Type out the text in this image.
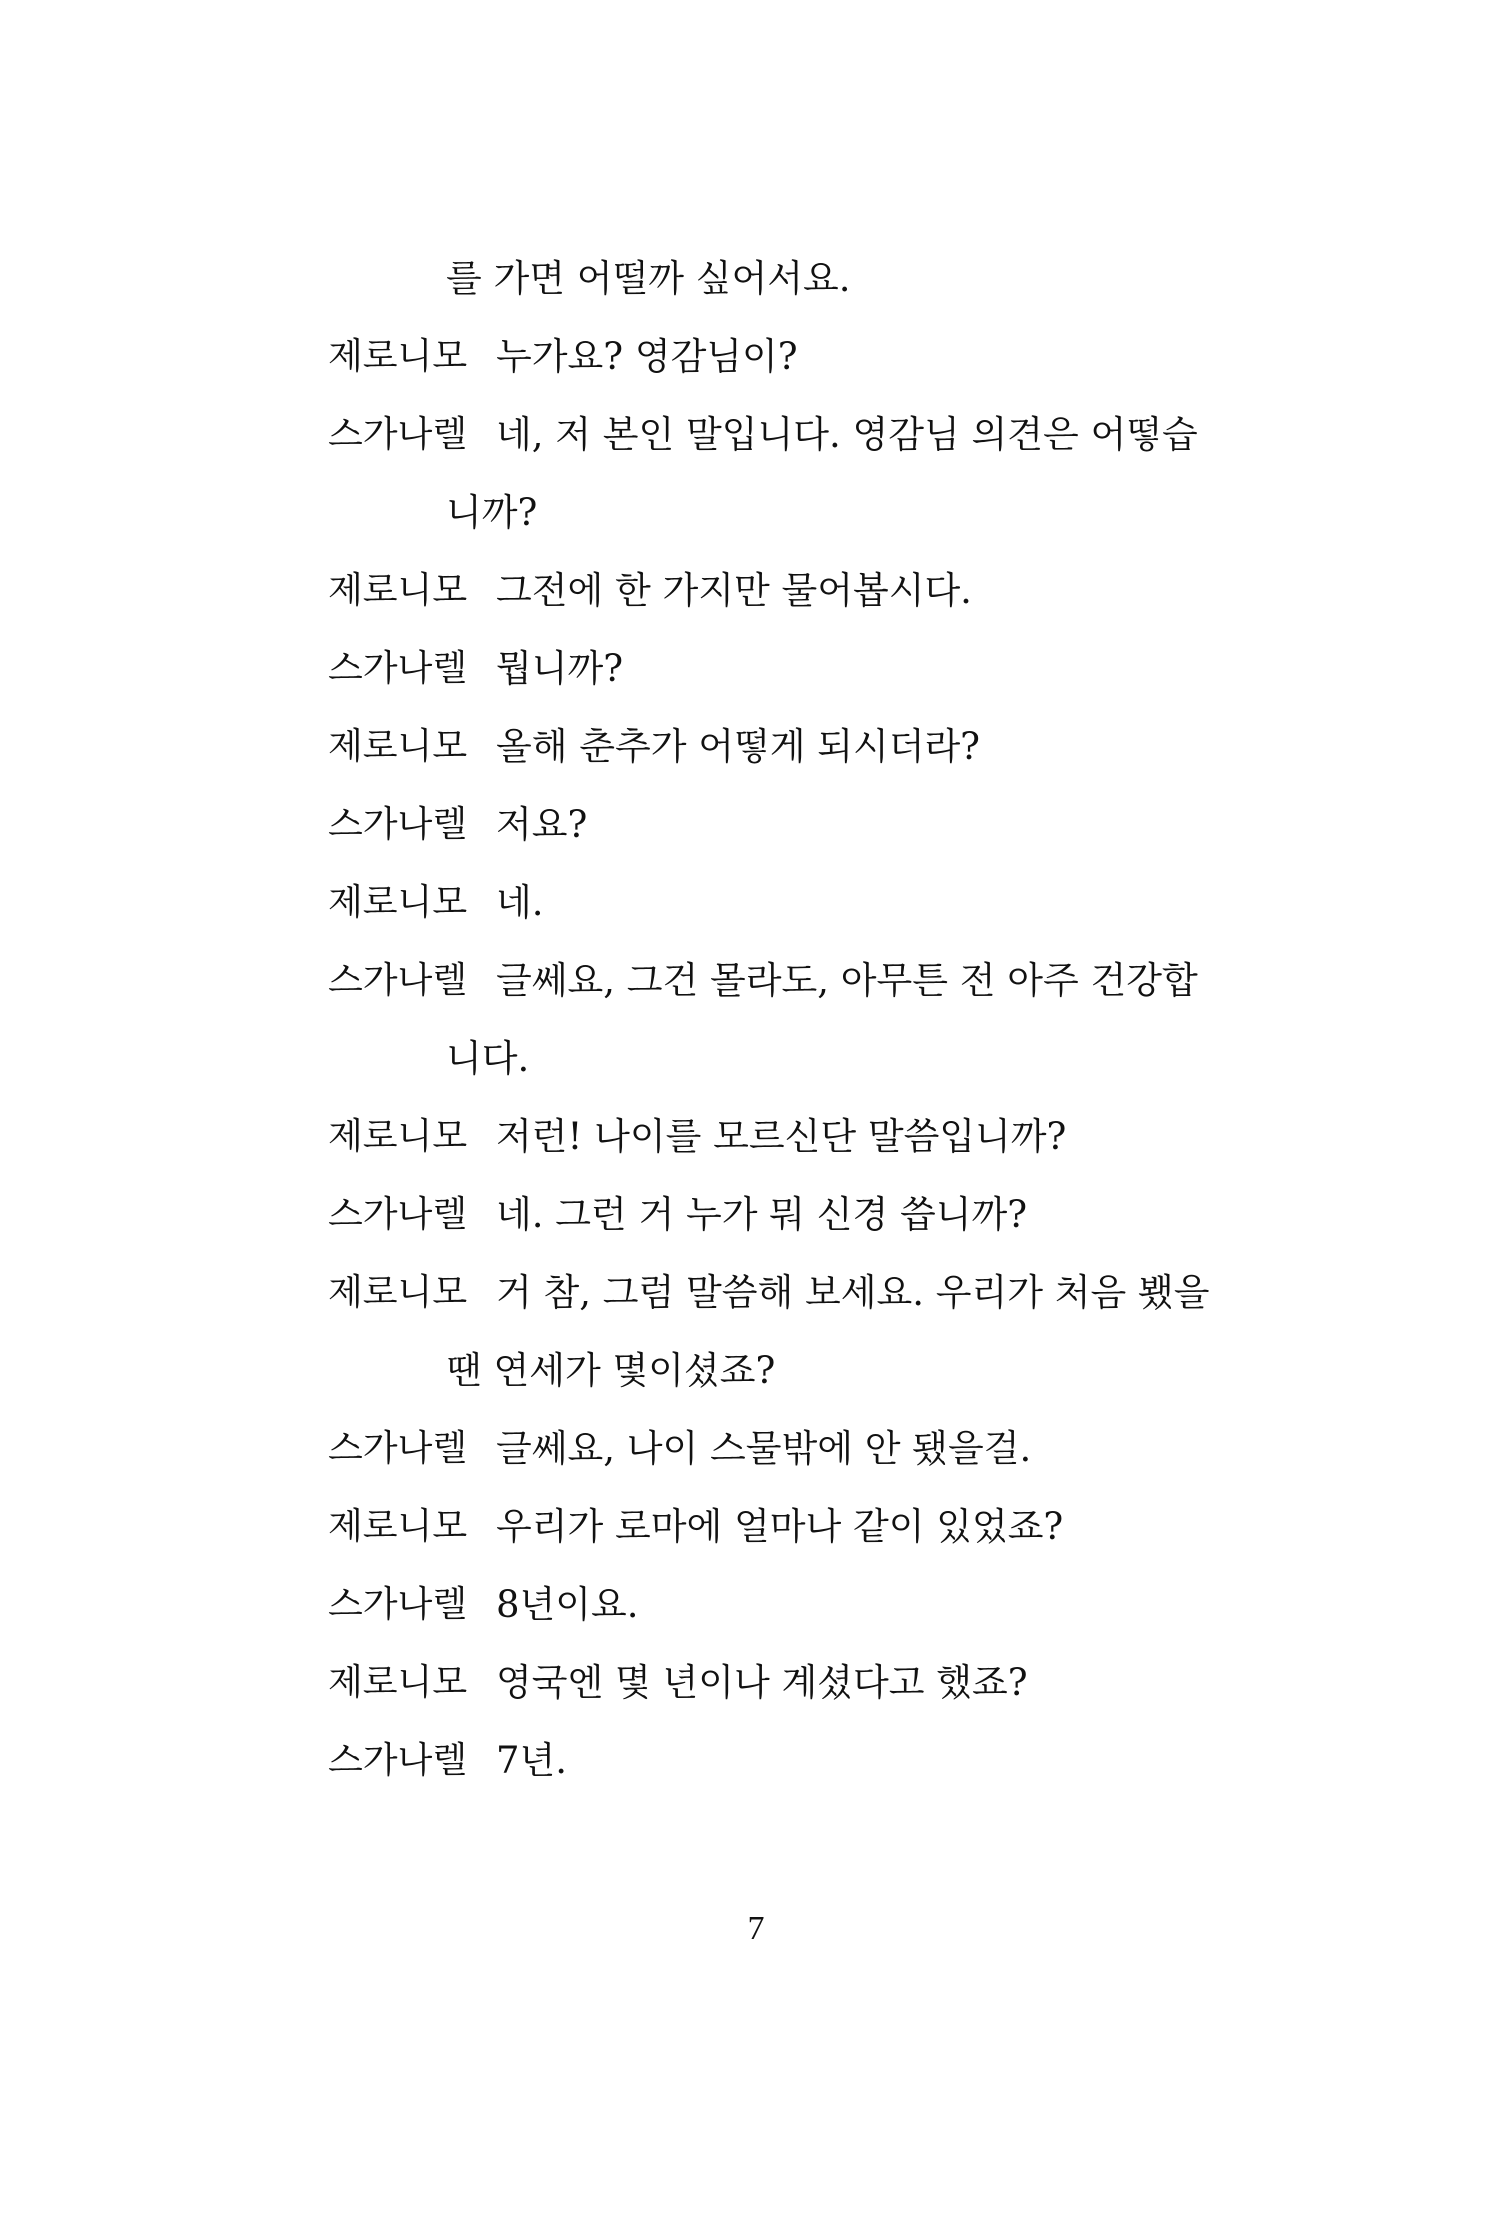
를 가면 어떨까 싶어서요.
제로니모 누가요? 영감님이?
스가나렐 네, 저 본인 말입니다. 영감님 의견은 어떻습
니까?
제로니모 그전에 한 가지만 물어봅시다.
스가나렐 뭡니까?
제로니모 올해 춘추가 어떻게 되시더라?
스가나렐 저요?
제로니모 네.
스가나렐 글쎄요, 그건 몰라도, 아무튼 전 아주 건강합
니다.
제로니모 저런! 나이를 모르신단 말씀입니까?
스가나렐 네. 그런 거 누가 뭐 신경 씁니까?
제로니모 거 참, 그럼 말씀해 보세요. 우리가 처음 뵀을
땐 연세가 몇이셨죠?
스가나렐 글쎄요, 나이 스물밖에 안 됐을걸.
제로니모 우리가 로마에 얼마나 같이 있었죠?
스가나렐 8년이요.
제로니모 영국엔 몇 년이나 계셨다고 했죠?
스가나렐 7년.
7
